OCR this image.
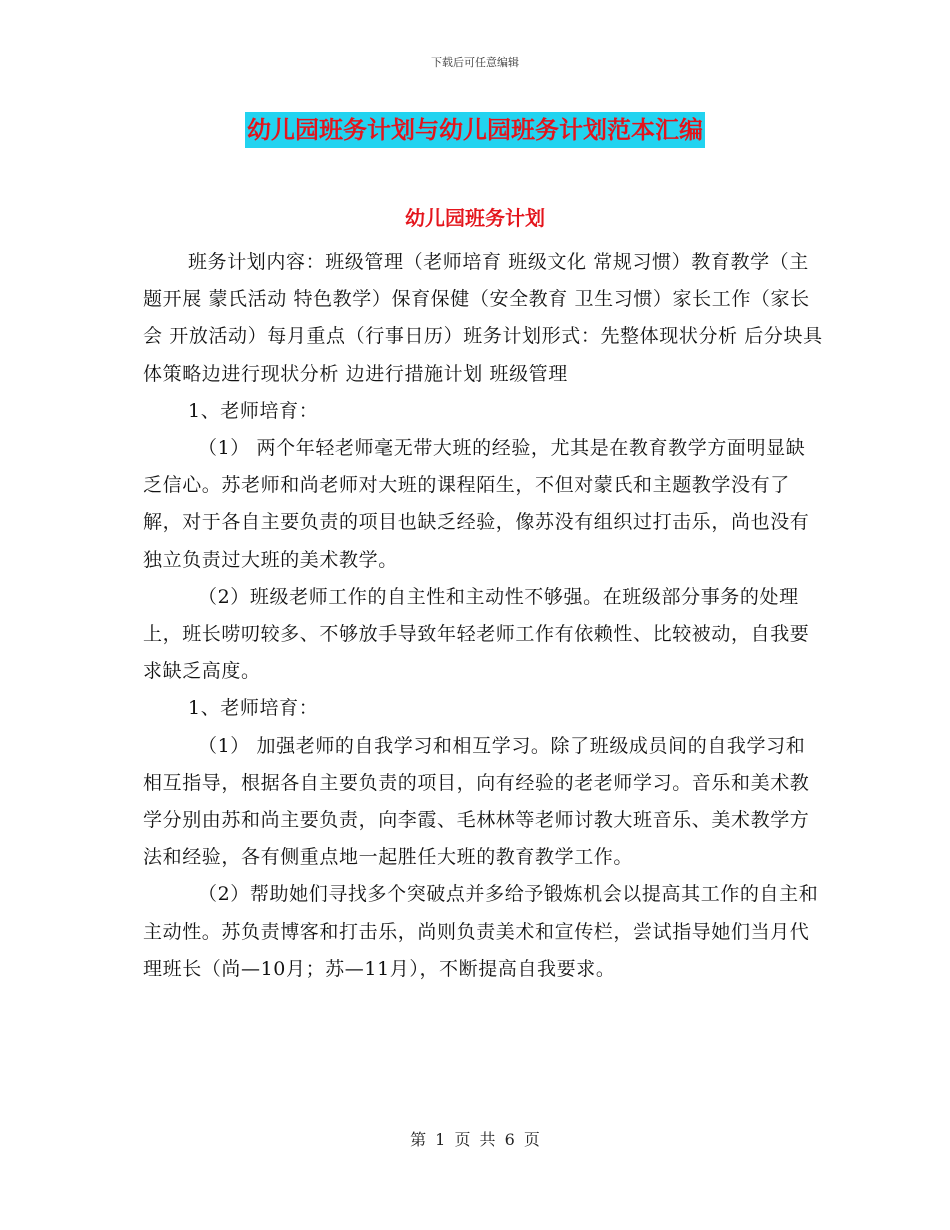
下载后可任意编辑
幼儿园班务计划与幼儿园班务计划范本汇编
幼儿园班务计划

班务计划内容：班级管理（老师培育 班级文化 常规习惯）教育教学（主题开展 蒙氏活动 特色教学）保育保健（安全教育 卫生习惯）家长工作（家长会 开放活动）每月重点（行事日历）班务计划形式：先整体现状分析 后分块具体策略边进行现状分析 边进行措施计划 班级管理

1、老师培育：

（1） 两个年轻老师毫无带大班的经验，尤其是在教育教学方面明显缺乏信心。苏老师和尚老师对大班的课程陌生，不但对蒙氏和主题教学没有了解，对于各自主要负责的项目也缺乏经验，像苏没有组织过打击乐，尚也没有独立负责过大班的美术教学。

（2）班级老师工作的自主性和主动性不够强。在班级部分事务的处理上，班长唠叨较多、不够放手导致年轻老师工作有依赖性、比较被动，自我要求缺乏高度。

1、老师培育：

（1） 加强老师的自我学习和相互学习。除了班级成员间的自我学习和相互指导，根据各自主要负责的项目，向有经验的老老师学习。音乐和美术教学分别由苏和尚主要负责，向李霞、毛林林等老师讨教大班音乐、美术教学方法和经验，各有侧重点地一起胜任大班的教育教学工作。

（2）帮助她们寻找多个突破点并多给予锻炼机会以提高其工作的自主和主动性。苏负责博客和打击乐，尚则负责美术和宣传栏，尝试指导她们当月代理班长（尚—10月；苏—11月），不断提高自我要求。

第 1 页 共 6 页
